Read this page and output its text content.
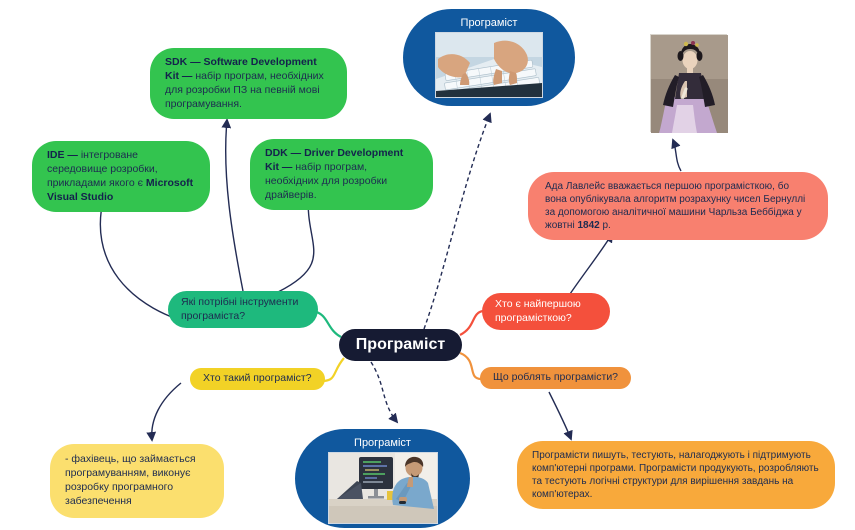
Програміст
SDK — Software Development Kit — набір програм, необхідних для розробки ПЗ на певній мові програмування.
IDE — інтегроване середовище розробки, прикладами якого є Microsoft Visual Studio
DDK — Driver Development Kit — набір програм, необхідних для розробки драйверів.
Які потрібні інструменти програміста?
Хто такий програміст?
Програміст
Хто є найпершою програмісткою?
Що роблять програмісти?
Ада Лавлейс вважається першою програмісткою, бо вона опублікувала алгоритм розрахунку чисел Бернуллі за допомогою аналітичної машини Чарльза Беббіджа у жовтні 1842 р.
- фахівець, що займається програмуванням, виконує розробку програмного забезпечення
Програмісти пишуть, тестують, налагоджують і підтримують комп'ютерні програми. Програмісти продукують, розробляють та тестують логічні структури для вирішення завдань на комп'ютерах.
Програміст
